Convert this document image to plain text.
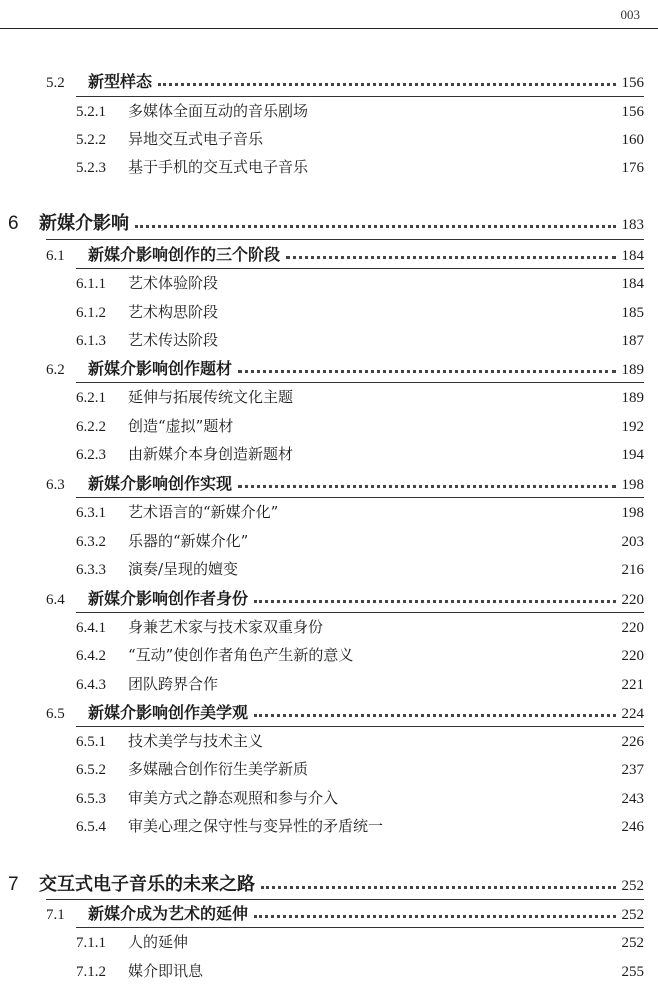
003
5.2	新型样态	156
5.2.1	多媒体全面互动的音乐剧场	156
5.2.2	异地交互式电子音乐	160
5.2.3	基于手机的交互式电子音乐	176
6	新媒介影响	183
6.1	新媒介影响创作的三个阶段	184
6.1.1	艺术体验阶段	184
6.1.2	艺术构思阶段	185
6.1.3	艺术传达阶段	187
6.2	新媒介影响创作题材	189
6.2.1	延伸与拓展传统文化主题	189
6.2.2	创造“虚拟”题材	192
6.2.3	由新媒介本身创造新题材	194
6.3	新媒介影响创作实现	198
6.3.1	艺术语言的“新媒介化”	198
6.3.2	乐器的“新媒介化”	203
6.3.3	演奏/呈现的嬗变	216
6.4	新媒介影响创作者身份	220
6.4.1	身兼艺术家与技术家双重身份	220
6.4.2	“互动”使创作者角色产生新的意义	220
6.4.3	团队跨界合作	221
6.5	新媒介影响创作美学观	224
6.5.1	技术美学与技术主义	226
6.5.2	多媒融合创作衍生美学新质	237
6.5.3	审美方式之静态观照和参与介入	243
6.5.4	审美心理之保守性与变异性的矛盾统一	246
7	交互式电子音乐的未来之路	252
7.1	新媒介成为艺术的延伸	252
7.1.1	人的延伸	252
7.1.2	媒介即讯息	255
